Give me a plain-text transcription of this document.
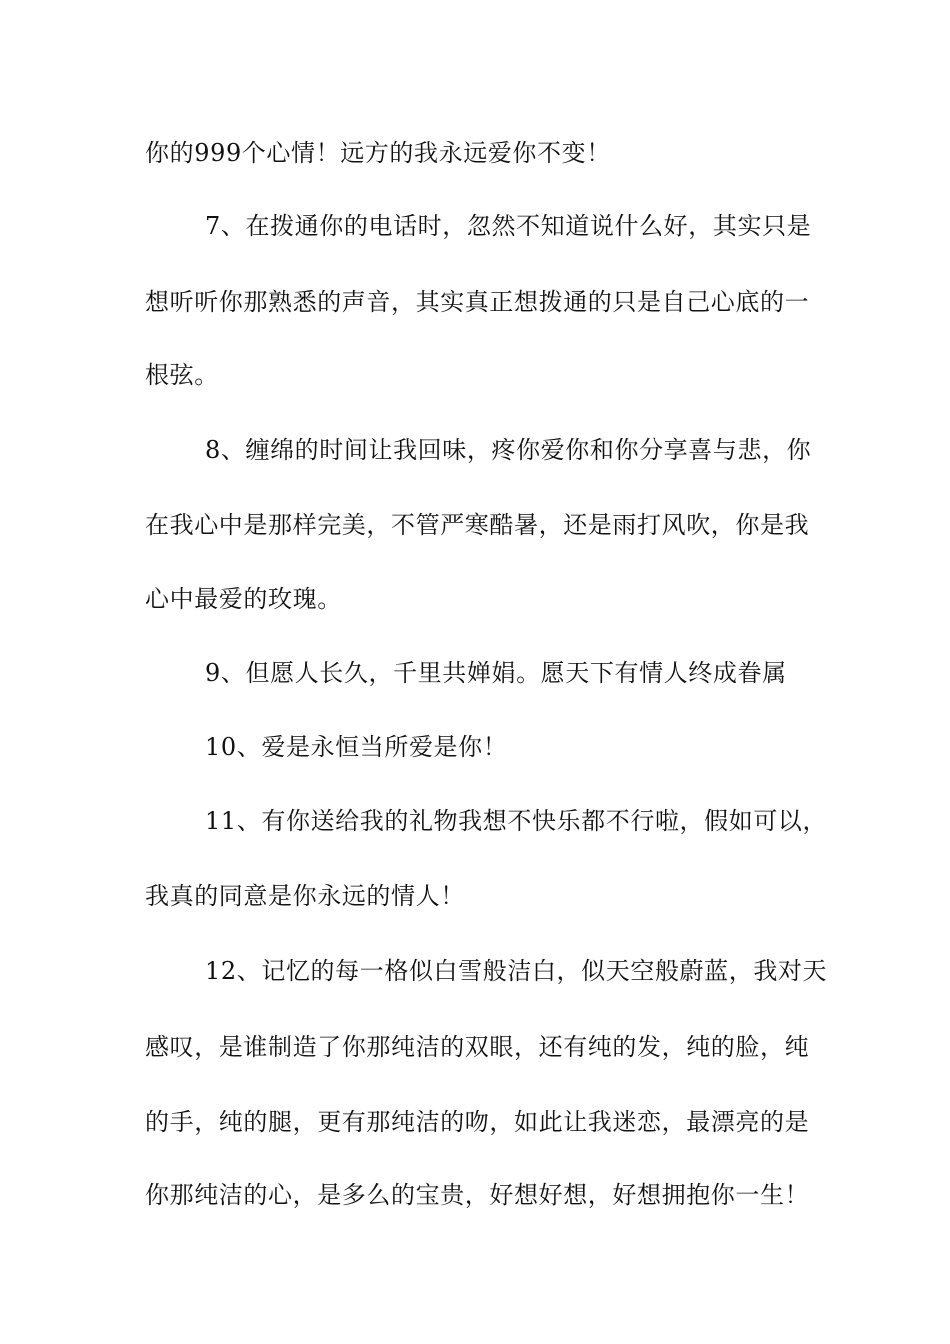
你的999个心情！远方的我永远爱你不变！
7、在拨通你的电话时，忽然不知道说什么好，其实只是
想听听你那熟悉的声音，其实真正想拨通的只是自己心底的一
根弦。
8、缠绵的时间让我回味，疼你爱你和你分享喜与悲，你
在我心中是那样完美，不管严寒酷暑，还是雨打风吹，你是我
心中最爱的玫瑰。
9、但愿人长久，千里共婵娟。愿天下有情人终成眷属
10、爱是永恒当所爱是你！
11、有你送给我的礼物我想不快乐都不行啦，假如可以，
我真的同意是你永远的情人！
12、记忆的每一格似白雪般洁白，似天空般蔚蓝，我对天
感叹，是谁制造了你那纯洁的双眼，还有纯的发，纯的脸，纯
的手，纯的腿，更有那纯洁的吻，如此让我迷恋，最漂亮的是
你那纯洁的心，是多么的宝贵，好想好想，好想拥抱你一生！
